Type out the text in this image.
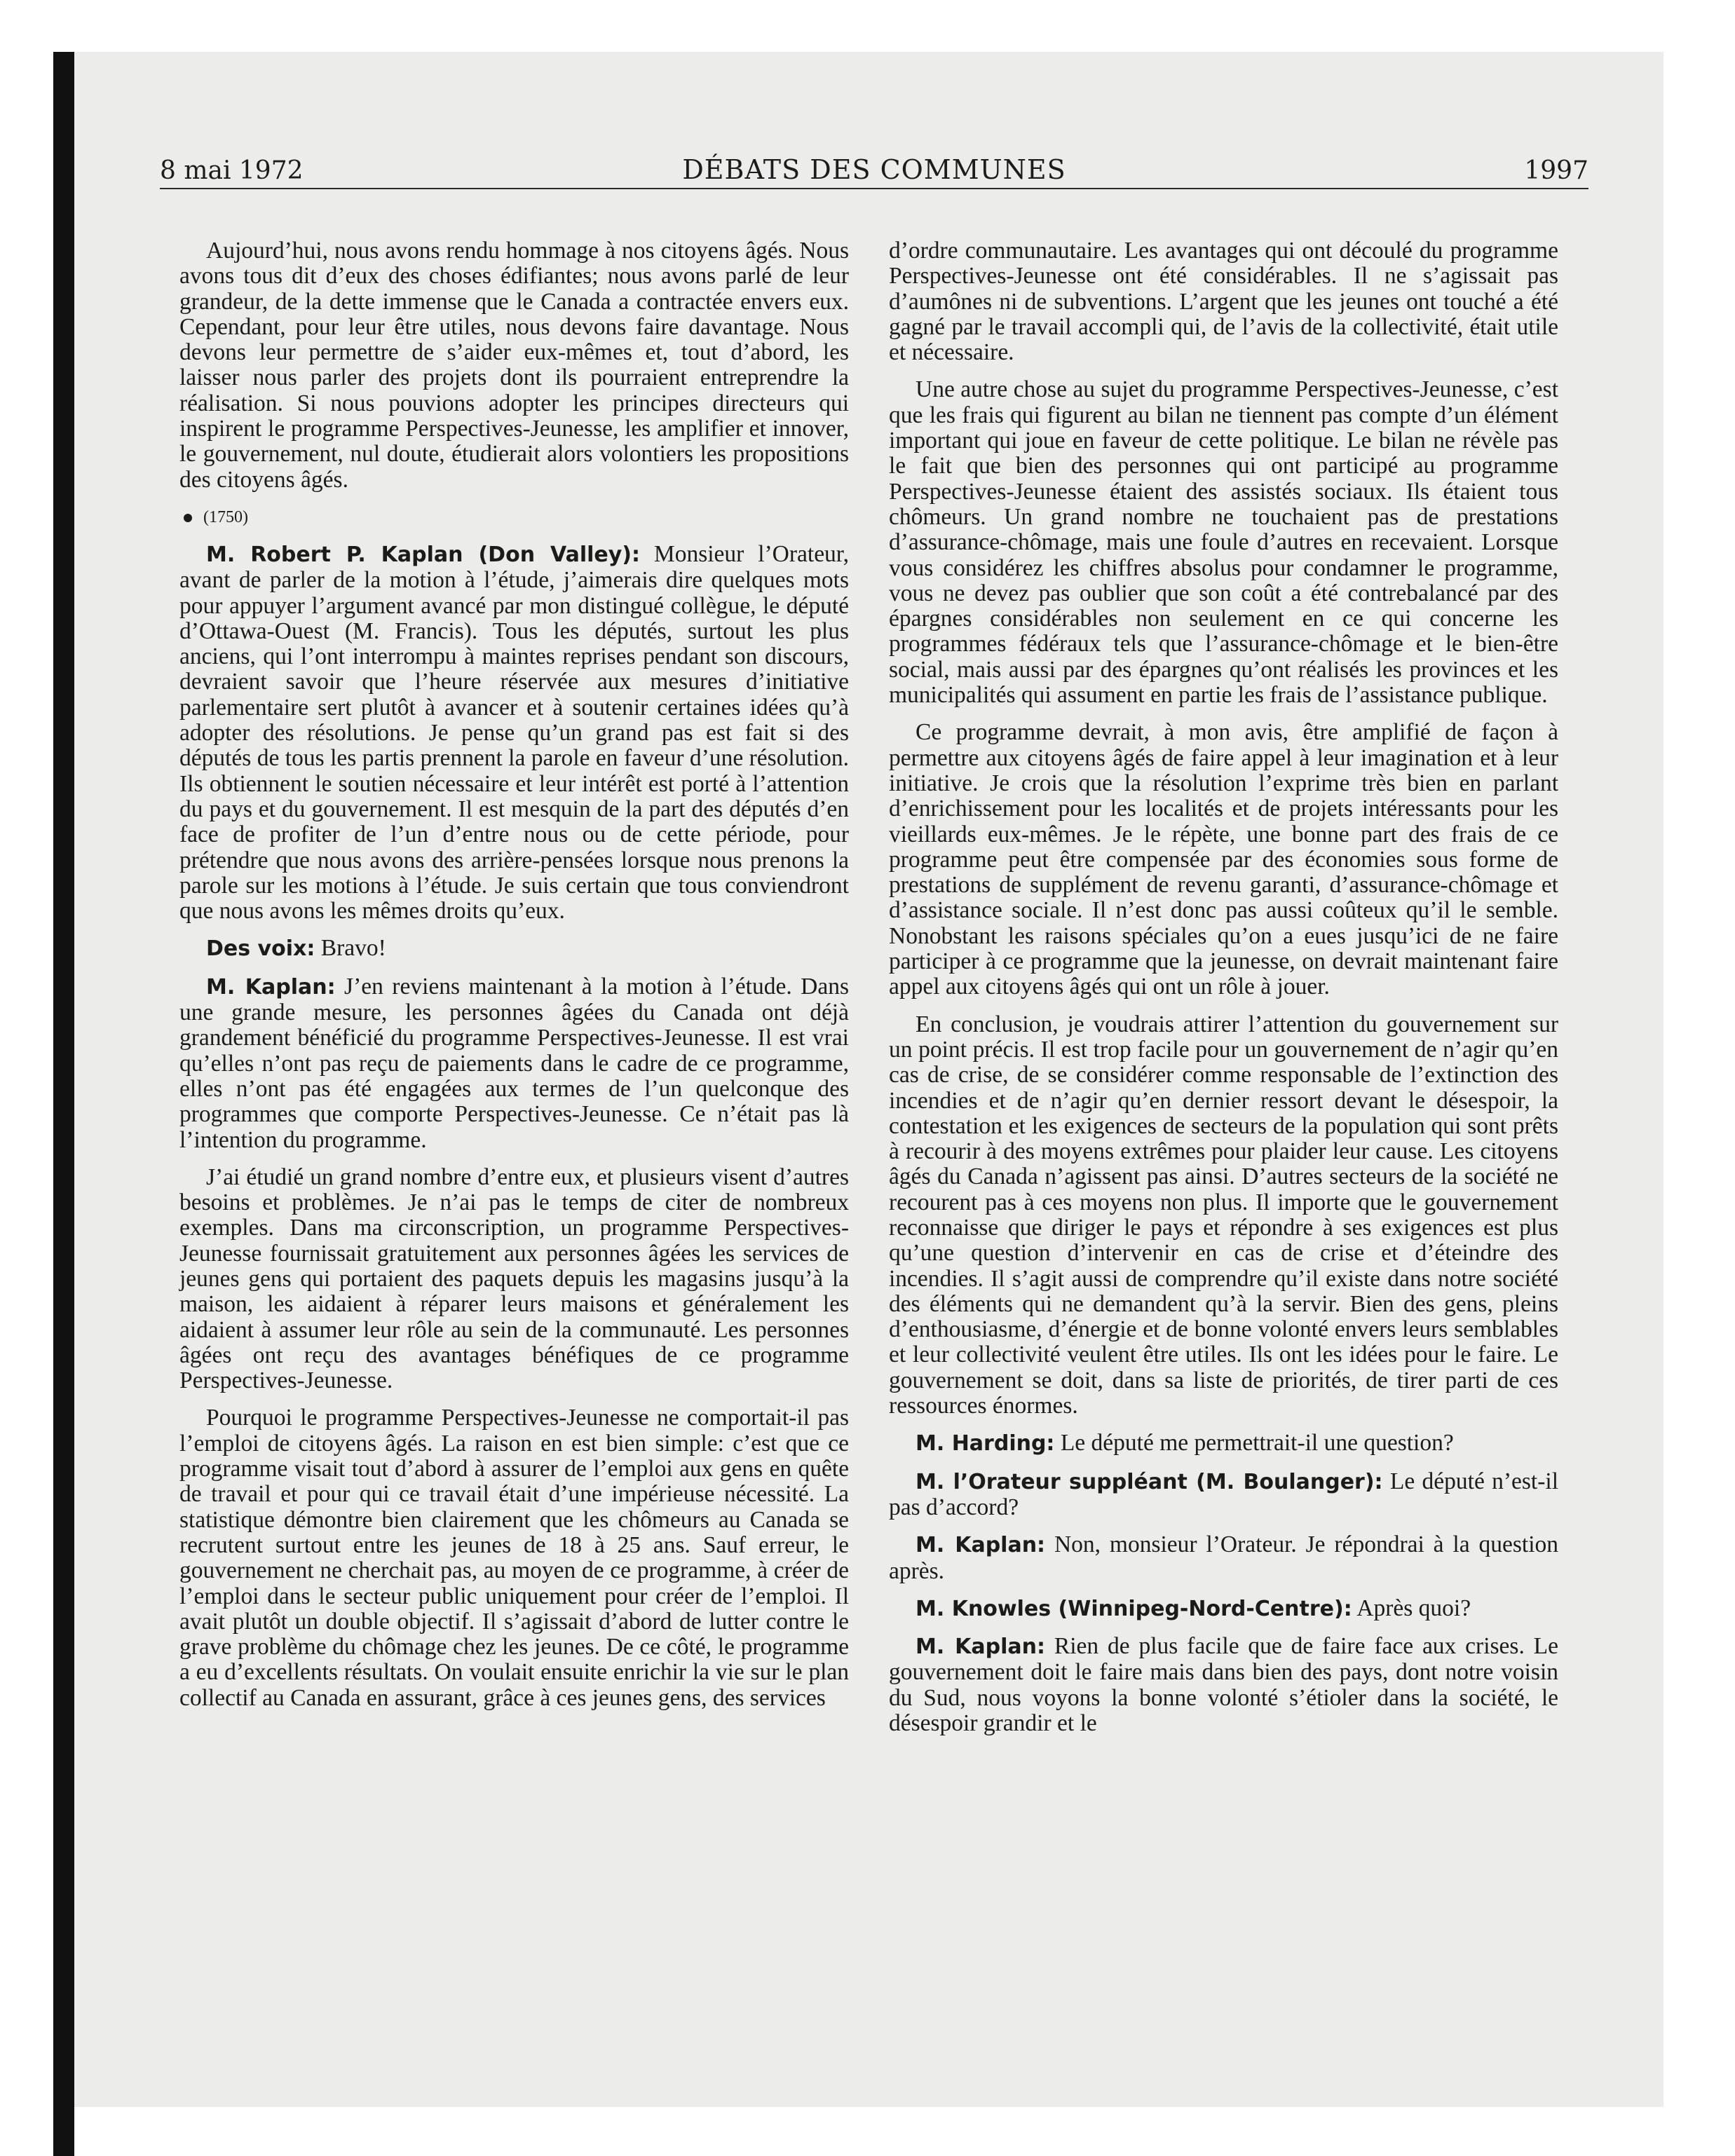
8 mai 1972	DÉBATS DES COMMUNES	1997

Aujourd’hui, nous avons rendu hommage à nos citoyens âgés. Nous avons tous dit d’eux des choses édifiantes; nous avons parlé de leur grandeur, de la dette immense que le Canada a contractée envers eux. Cependant, pour leur être utiles, nous devons faire davantage. Nous devons leur permettre de s’aider eux-mêmes et, tout d’abord, les laisser nous parler des projets dont ils pourraient entreprendre la réalisation. Si nous pouvions adopter les principes directeurs qui inspirent le programme Perspectives-Jeunesse, les amplifier et innover, le gouvernement, nul doute, étudierait alors volontiers les propositions des citoyens âgés.

(1750)

M. Robert P. Kaplan (Don Valley): Monsieur l’Orateur, avant de parler de la motion à l’étude, j’aimerais dire quelques mots pour appuyer l’argument avancé par mon distingué collègue, le député d’Ottawa-Ouest (M. Francis). Tous les députés, surtout les plus anciens, qui l’ont interrompu à maintes reprises pendant son discours, devraient savoir que l’heure réservée aux mesures d’initiative parlementaire sert plutôt à avancer et à soutenir certaines idées qu’à adopter des résolutions. Je pense qu’un grand pas est fait si des députés de tous les partis prennent la parole en faveur d’une résolution. Ils obtiennent le soutien nécessaire et leur intérêt est porté à l’attention du pays et du gouvernement. Il est mesquin de la part des députés d’en face de profiter de l’un d’entre nous ou de cette période, pour prétendre que nous avons des arrière-pensées lorsque nous prenons la parole sur les motions à l’étude. Je suis certain que tous conviendront que nous avons les mêmes droits qu’eux.

Des voix: Bravo!

M. Kaplan: J’en reviens maintenant à la motion à l’étude. Dans une grande mesure, les personnes âgées du Canada ont déjà grandement bénéficié du programme Perspectives-Jeunesse. Il est vrai qu’elles n’ont pas reçu de paiements dans le cadre de ce programme, elles n’ont pas été engagées aux termes de l’un quelconque des programmes que comporte Perspectives-Jeunesse. Ce n’était pas là l’intention du programme.

J’ai étudié un grand nombre d’entre eux, et plusieurs visent d’autres besoins et problèmes. Je n’ai pas le temps de citer de nombreux exemples. Dans ma circonscription, un programme Perspectives-Jeunesse fournissait gratuitement aux personnes âgées les services de jeunes gens qui portaient des paquets depuis les magasins jusqu’à la maison, les aidaient à réparer leurs maisons et généralement les aidaient à assumer leur rôle au sein de la communauté. Les personnes âgées ont reçu des avantages bénéfiques de ce programme Perspectives-Jeunesse.

Pourquoi le programme Perspectives-Jeunesse ne comportait-il pas l’emploi de citoyens âgés. La raison en est bien simple: c’est que ce programme visait tout d’abord à assurer de l’emploi aux gens en quête de travail et pour qui ce travail était d’une impérieuse nécessité. La statistique démontre bien clairement que les chômeurs au Canada se recrutent surtout entre les jeunes de 18 à 25 ans. Sauf erreur, le gouvernement ne cherchait pas, au moyen de ce programme, à créer de l’emploi dans le secteur public uniquement pour créer de l’emploi. Il avait plutôt un double objectif. Il s’agissait d’abord de lutter contre le grave problème du chômage chez les jeunes. De ce côté, le programme a eu d’excellents résultats. On voulait ensuite enrichir la vie sur le plan collectif au Canada en assurant, grâce à ces jeunes gens, des services

d’ordre communautaire. Les avantages qui ont découlé du programme Perspectives-Jeunesse ont été considérables. Il ne s’agissait pas d’aumônes ni de subventions. L’argent que les jeunes ont touché a été gagné par le travail accompli qui, de l’avis de la collectivité, était utile et nécessaire.

Une autre chose au sujet du programme Perspectives-Jeunesse, c’est que les frais qui figurent au bilan ne tiennent pas compte d’un élément important qui joue en faveur de cette politique. Le bilan ne révèle pas le fait que bien des personnes qui ont participé au programme Perspectives-Jeunesse étaient des assistés sociaux. Ils étaient tous chômeurs. Un grand nombre ne touchaient pas de prestations d’assurance-chômage, mais une foule d’autres en recevaient. Lorsque vous considérez les chiffres absolus pour condamner le programme, vous ne devez pas oublier que son coût a été contrebalancé par des épargnes considérables non seulement en ce qui concerne les programmes fédéraux tels que l’assurance-chômage et le bien-être social, mais aussi par des épargnes qu’ont réalisés les provinces et les municipalités qui assument en partie les frais de l’assistance publique.

Ce programme devrait, à mon avis, être amplifié de façon à permettre aux citoyens âgés de faire appel à leur imagination et à leur initiative. Je crois que la résolution l’exprime très bien en parlant d’enrichissement pour les localités et de projets intéressants pour les vieillards eux-mêmes. Je le répète, une bonne part des frais de ce programme peut être compensée par des économies sous forme de prestations de supplément de revenu garanti, d’assurance-chômage et d’assistance sociale. Il n’est donc pas aussi coûteux qu’il le semble. Nonobstant les raisons spéciales qu’on a eues jusqu’ici de ne faire participer à ce programme que la jeunesse, on devrait maintenant faire appel aux citoyens âgés qui ont un rôle à jouer.

En conclusion, je voudrais attirer l’attention du gouvernement sur un point précis. Il est trop facile pour un gouvernement de n’agir qu’en cas de crise, de se considérer comme responsable de l’extinction des incendies et de n’agir qu’en dernier ressort devant le désespoir, la contestation et les exigences de secteurs de la population qui sont prêts à recourir à des moyens extrêmes pour plaider leur cause. Les citoyens âgés du Canada n’agissent pas ainsi. D’autres secteurs de la société ne recourent pas à ces moyens non plus. Il importe que le gouvernement reconnaisse que diriger le pays et répondre à ses exigences est plus qu’une question d’intervenir en cas de crise et d’éteindre des incendies. Il s’agit aussi de comprendre qu’il existe dans notre société des éléments qui ne demandent qu’à la servir. Bien des gens, pleins d’enthousiasme, d’énergie et de bonne volonté envers leurs semblables et leur collectivité veulent être utiles. Ils ont les idées pour le faire. Le gouvernement se doit, dans sa liste de priorités, de tirer parti de ces ressources énormes.

M. Harding: Le député me permettrait-il une question?

M. l’Orateur suppléant (M. Boulanger): Le député n’est-il pas d’accord?

M. Kaplan: Non, monsieur l’Orateur. Je répondrai à la question après.

M. Knowles (Winnipeg-Nord-Centre): Après quoi?

M. Kaplan: Rien de plus facile que de faire face aux crises. Le gouvernement doit le faire mais dans bien des pays, dont notre voisin du Sud, nous voyons la bonne volonté s’étioler dans la société, le désespoir grandir et le
